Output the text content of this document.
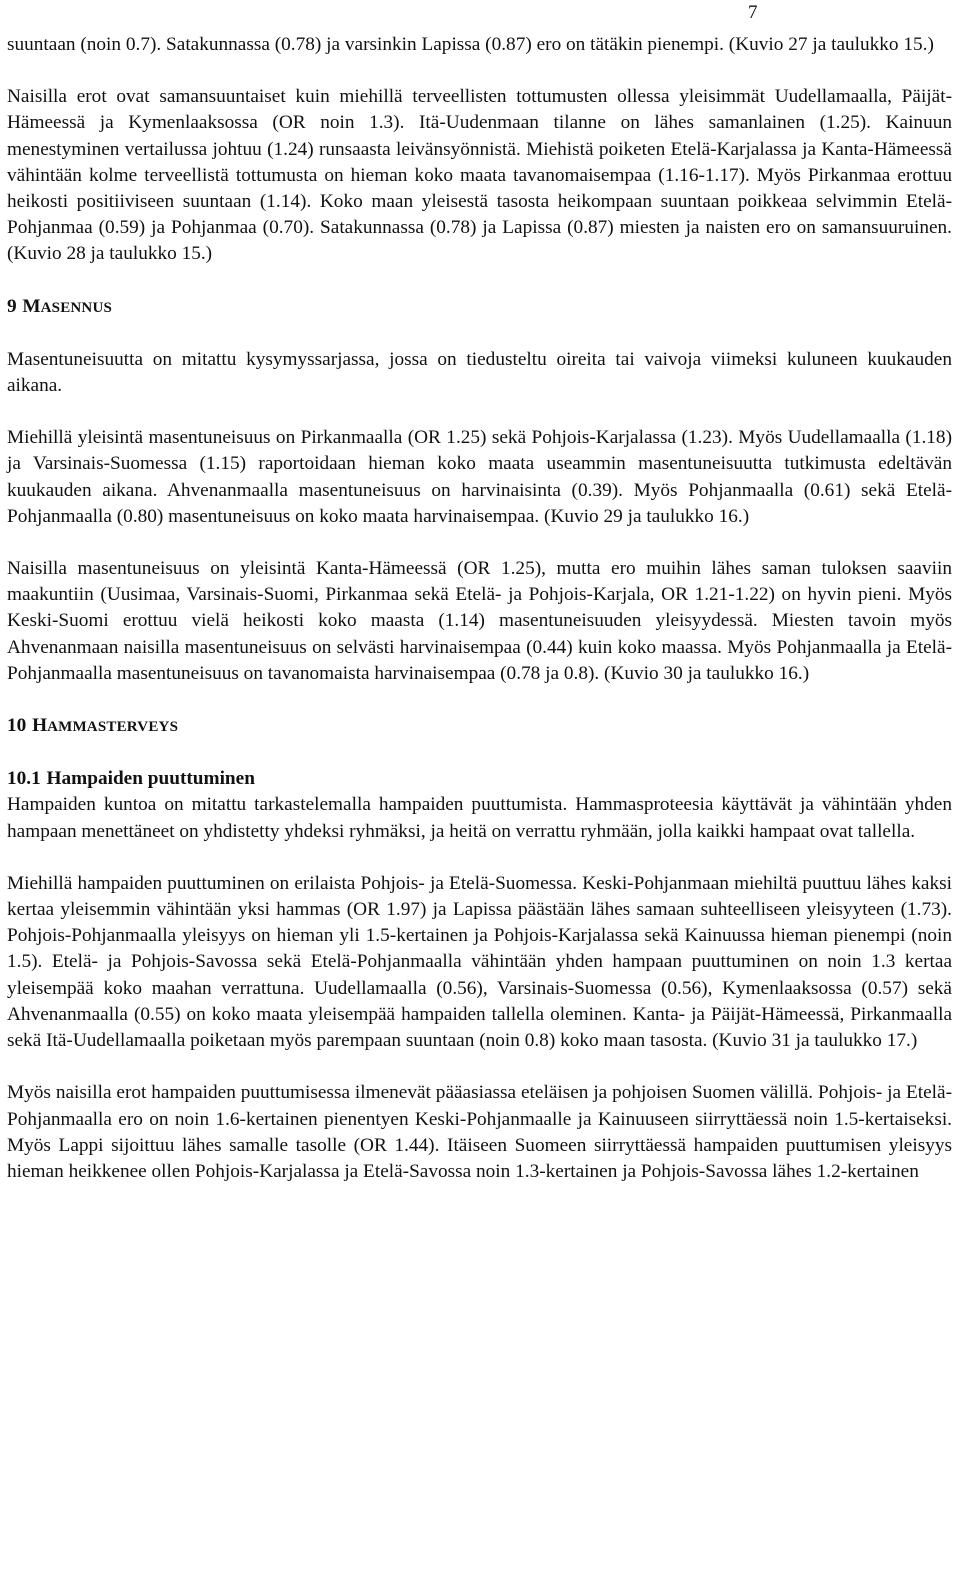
7

suuntaan (noin 0.7). Satakunnassa (0.78) ja varsinkin Lapissa (0.87) ero on tätäkin pienempi. (Kuvio 27 ja taulukko 15.)

Naisilla erot ovat samansuuntaiset kuin miehillä terveellisten tottumusten ollessa yleisimmät Uudellamaalla, Päijät-Hämeessä ja Kymenlaaksossa (OR noin 1.3). Itä-Uudenmaan tilanne on lähes samanlainen (1.25). Kainuun menestyminen vertailussa johtuu (1.24) runsaasta leivänsyönnistä. Miehistä poiketen Etelä-Karjalassa ja Kanta-Hämeessä vähintään kolme terveellistä tottumusta on hieman koko maata tavanomaisempaa (1.16-1.17). Myös Pirkanmaa erottuu heikosti positiiviseen suuntaan (1.14). Koko maan yleisestä tasosta heikompaan suuntaan poikkeaa selvimmin Etelä-Pohjanmaa (0.59) ja Pohjanmaa (0.70). Satakunnassa (0.78) ja Lapissa (0.87) miesten ja naisten ero on samansuuruinen. (Kuvio 28 ja taulukko 15.)

9 MASENNUS

Masentuneisuutta on mitattu kysymyssarjassa, jossa on tiedusteltu oireita tai vaivoja viimeksi kuluneen kuukauden aikana.

Miehillä yleisintä masentuneisuus on Pirkanmaalla (OR 1.25) sekä Pohjois-Karjalassa (1.23). Myös Uudellamaalla (1.18) ja Varsinais-Suomessa (1.15) raportoidaan hieman koko maata useammin masentuneisuutta tutkimusta edeltävän kuukauden aikana. Ahvenanmaalla masentuneisuus on harvinaisinta (0.39). Myös Pohjanmaalla (0.61) sekä Etelä-Pohjanmaalla (0.80) masentuneisuus on koko maata harvinaisempaa. (Kuvio 29 ja taulukko 16.)

Naisilla masentuneisuus on yleisintä Kanta-Hämeessä (OR 1.25), mutta ero muihin lähes saman tuloksen saaviin maakuntiin (Uusimaa, Varsinais-Suomi, Pirkanmaa sekä Etelä- ja Pohjois-Karjala, OR 1.21-1.22) on hyvin pieni. Myös Keski-Suomi erottuu vielä heikosti koko maasta (1.14) masentuneisuuden yleisyydessä. Miesten tavoin myös Ahvenanmaan naisilla masentuneisuus on selvästi harvinaisempaa (0.44) kuin koko maassa. Myös Pohjanmaalla ja Etelä-Pohjanmaalla masentuneisuus on tavanomaista harvinaisempaa (0.78 ja 0.8). (Kuvio 30 ja taulukko 16.)

10 HAMMASTERVEYS
10.1 Hampaiden puuttuminen

Hampaiden kuntoa on mitattu tarkastelemalla hampaiden puuttumista. Hammasproteesia käyttävät ja vähintään yhden hampaan menettäneet on yhdistetty yhdeksi ryhmäksi, ja heitä on verrattu ryhmään, jolla kaikki hampaat ovat tallella.

Miehillä hampaiden puuttuminen on erilaista Pohjois- ja Etelä-Suomessa. Keski-Pohjanmaan miehiltä puuttuu lähes kaksi kertaa yleisemmin vähintään yksi hammas (OR 1.97) ja Lapissa päästään lähes samaan suhteelliseen yleisyyteen (1.73). Pohjois-Pohjanmaalla yleisyys on hieman yli 1.5-kertainen ja Pohjois-Karjalassa sekä Kainuussa hieman pienempi (noin 1.5). Etelä- ja Pohjois-Savossa sekä Etelä-Pohjanmaalla vähintään yhden hampaan puuttuminen on noin 1.3 kertaa yleisempää koko maahan verrattuna. Uudellamaalla (0.56), Varsinais-Suomessa (0.56), Kymenlaaksossa (0.57) sekä Ahvenanmaalla (0.55) on koko maata yleisempää hampaiden tallella oleminen. Kanta- ja Päijät-Hämeessä, Pirkanmaalla sekä Itä-Uudellamaalla poiketaan myös parempaan suuntaan (noin 0.8) koko maan tasosta. (Kuvio 31 ja taulukko 17.)

Myös naisilla erot hampaiden puuttumisessa ilmenevät pääasiassa eteläisen ja pohjoisen Suomen välillä. Pohjois- ja Etelä-Pohjanmaalla ero on noin 1.6-kertainen pienentyen Keski-Pohjanmaalle ja Kainuuseen siirryttäessä noin 1.5-kertaiseksi. Myös Lappi sijoittuu lähes samalle tasolle (OR 1.44). Itäiseen Suomeen siirryttäessä hampaiden puuttumisen yleisyys hieman heikkenee ollen Pohjois-Karjalassa ja Etelä-Savossa noin 1.3-kertainen ja Pohjois-Savossa lähes 1.2-kertainen
